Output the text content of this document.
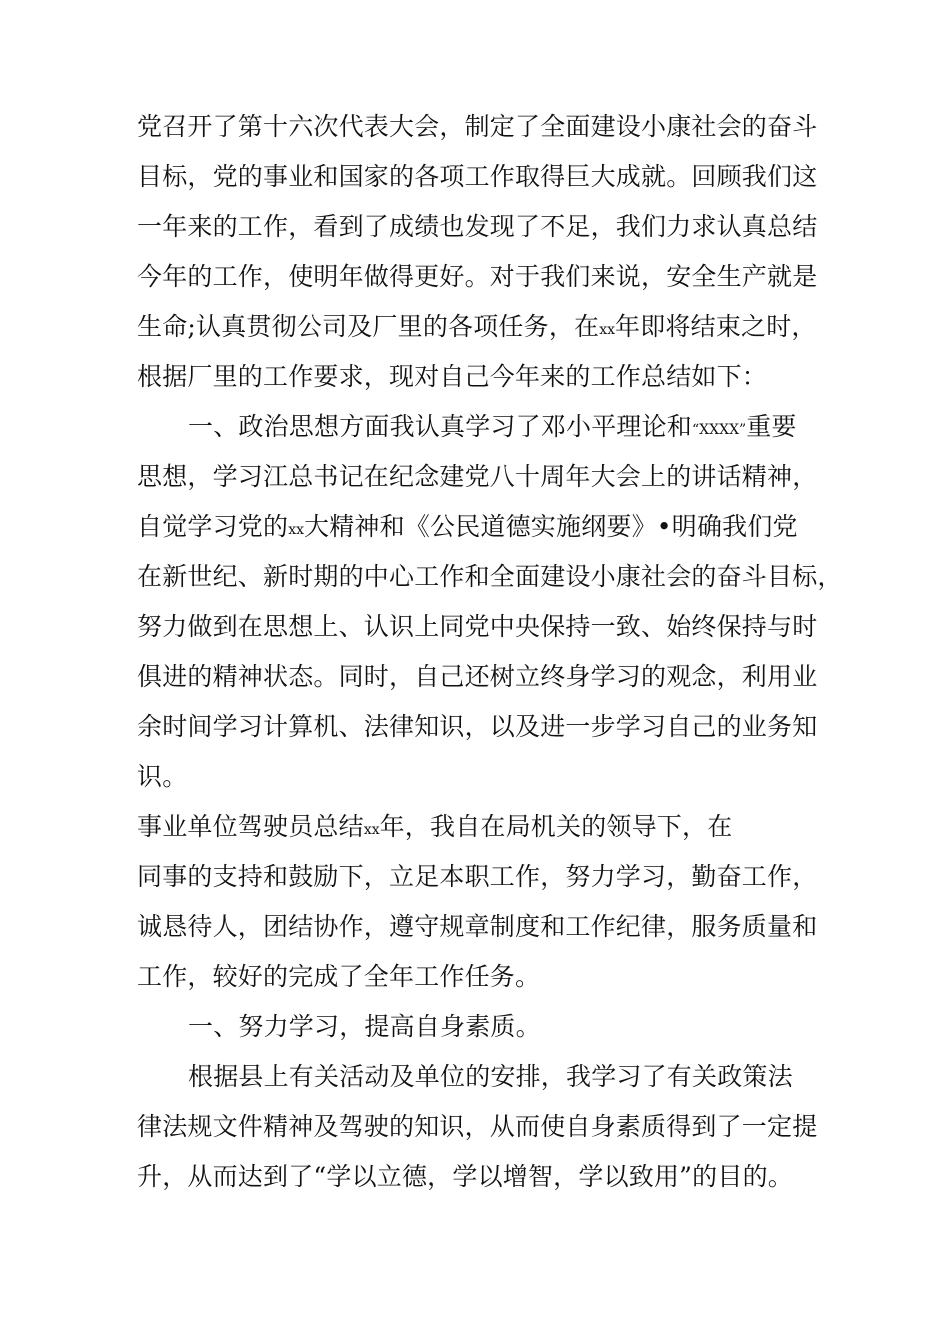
党召开了第十六次代表大会，制定了全面建设小康社会的奋斗
目标，党的事业和国家的各项工作取得巨大成就。回顾我们这
一年来的工作，看到了成绩也发现了不足，我们力求认真总结
今年的工作，使明年做得更好。对于我们来说，安全生产就是
生命;认真贯彻公司及厂里的各项任务，在xx年即将结束之时，
根据厂里的工作要求，现对自己今年来的工作总结如下：
一、政治思想方面我认真学习了邓小平理论和“XXXX”重要
思想，学习江总书记在纪念建党八十周年大会上的讲话精神，
自觉学习党的xx大精神和《公民道德实施纲要》•明确我们党
在新世纪、新时期的中心工作和全面建设小康社会的奋斗目标，
努力做到在思想上、认识上同党中央保持一致、始终保持与时
俱进的精神状态。同时，自己还树立终身学习的观念，利用业
余时间学习计算机、法律知识，以及进一步学习自己的业务知
识。
事业单位驾驶员总结xx年，我自在局机关的领导下，在
同事的支持和鼓励下，立足本职工作，努力学习，勤奋工作，
诚恳待人，团结协作，遵守规章制度和工作纪律，服务质量和
工作，较好的完成了全年工作任务。
一、努力学习，提高自身素质。
根据县上有关活动及单位的安排，我学习了有关政策法
律法规文件精神及驾驶的知识，从而使自身素质得到了一定提
升，从而达到了“学以立德，学以增智，学以致用”的目的。
